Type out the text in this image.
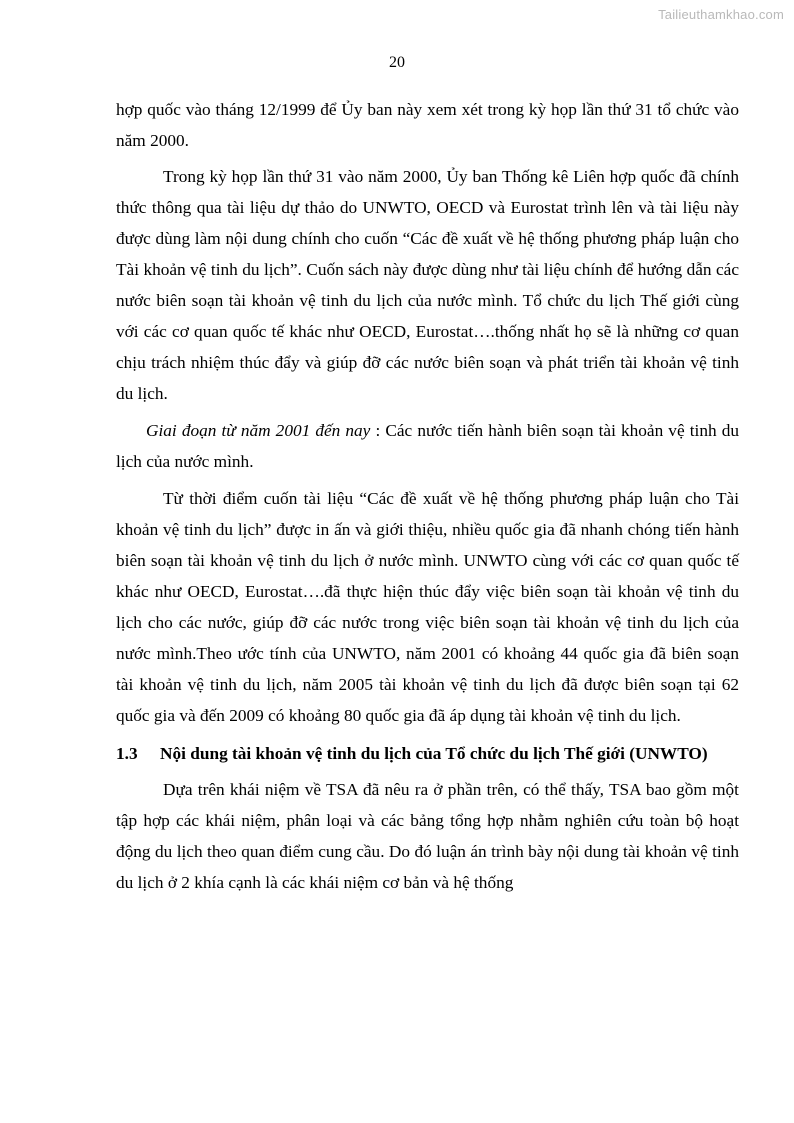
Tailieuthamkhao.com
20

hợp quốc vào tháng 12/1999 để Ủy ban này xem xét trong kỳ họp lần thứ 31 tổ chức vào năm 2000.

Trong kỳ họp lần thứ 31 vào năm 2000, Ủy ban Thống kê Liên hợp quốc đã chính thức thông qua tài liệu dự thảo do UNWTO, OECD và Eurostat trình lên và tài liệu này được dùng làm nội dung chính cho cuốn “Các đề xuất về hệ thống phương pháp luận cho Tài khoản vệ tinh du lịch”. Cuốn sách này được dùng như tài liệu chính để hướng dẫn các nước biên soạn tài khoản vệ tinh du lịch của nước mình. Tổ chức du lịch Thế giới cùng với các cơ quan quốc tế khác như OECD, Eurostat….thống nhất họ sẽ là những cơ quan chịu trách nhiệm thúc đẩy và giúp đỡ các nước biên soạn và phát triển tài khoản vệ tinh du lịch.

Giai đoạn từ năm 2001 đến nay : Các nước tiến hành biên soạn tài khoản vệ tinh du lịch của nước mình.

Từ thời điểm cuốn tài liệu “Các đề xuất về hệ thống phương pháp luận cho Tài khoản vệ tinh du lịch” được in ấn và giới thiệu, nhiều quốc gia đã nhanh chóng tiến hành biên soạn tài khoản vệ tinh du lịch ở nước mình. UNWTO cùng với các cơ quan quốc tế khác như OECD, Eurostat….đã thực hiện thúc đẩy việc biên soạn tài khoản vệ tinh du lịch cho các nước, giúp đỡ các nước trong việc biên soạn tài khoản vệ tinh du lịch của nước mình.Theo ước tính của UNWTO, năm 2001 có khoảng 44 quốc gia đã biên soạn tài khoản vệ tinh du lịch, năm 2005 tài khoản vệ tinh du lịch đã được biên soạn tại 62 quốc gia và đến 2009 có khoảng 80 quốc gia đã áp dụng tài khoản vệ tinh du lịch.

1.3	Nội dung tài khoản vệ tinh du lịch của Tổ chức du lịch Thế giới (UNWTO)

Dựa trên khái niệm về TSA đã nêu ra ở phần trên, có thể thấy, TSA bao gồm một tập hợp các khái niệm, phân loại và các bảng tổng hợp nhằm nghiên cứu toàn bộ hoạt động du lịch theo quan điểm cung cầu. Do đó luận án trình bày nội dung tài khoản vệ tinh du lịch ở 2 khía cạnh là các khái niệm cơ bản và hệ thống
